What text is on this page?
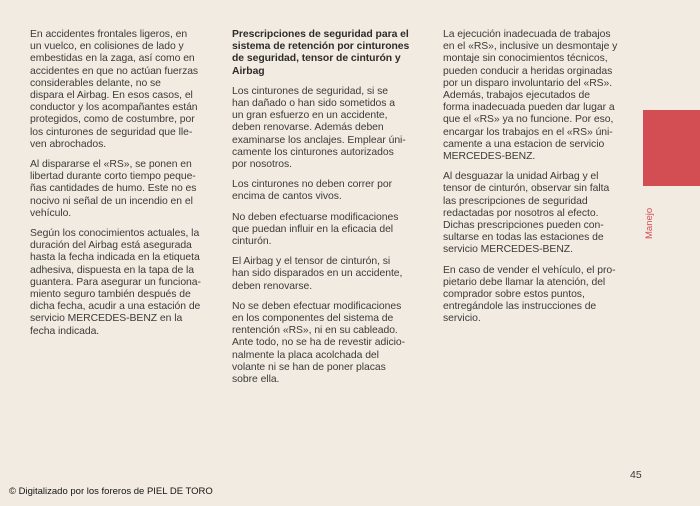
En accidentes frontales ligeros, en
un vuelco, en colisiones de lado y
embestidas en la zaga, así como en
accidentes en que no actúan fuerzas
considerables delante, no se
dispara el Airbag. En esos casos, el
conductor y los acompañantes están
protegidos, como de costumbre, por
los cinturones de seguridad que lle-
ven abrochados.

Al dispararse el «RS», se ponen en
libertad durante corto tiempo peque-
ñas cantidades de humo. Este no es
nocivo ni señal de un incendio en el
vehículo.

Según los conocimientos actuales, la
duración del Airbag está asegurada
hasta la fecha indicada en la etiqueta
adhesiva, dispuesta en la tapa de la
guantera. Para asegurar un funciona-
miento seguro también después de
dicha fecha, acudir a una estación de
servicio MERCEDES-BENZ en la
fecha indicada.

Prescripciones de seguridad para el
sistema de retención por cinturones
de seguridad, tensor de cinturón y
Airbag

Los cinturones de seguridad, si se
han dañado o han sido sometidos a
un gran esfuerzo en un accidente,
deben renovarse. Además deben
examinarse los anclajes. Emplear úni-
camente los cinturones autorizados
por nosotros.

Los cinturones no deben correr por
encima de cantos vivos.

No deben efectuarse modificaciones
que puedan influir en la eficacia del
cinturón.

El Airbag y el tensor de cinturón, si
han sido disparados en un accidente,
deben renovarse.

No se deben efectuar modificaciones
en los componentes del sistema de
rentención «RS», ni en su cableado.
Ante todo, no se ha de revestir adicio-
nalmente la placa acolchada del
volante ni se han de poner placas
sobre ella.

La ejecución inadecuada de trabajos
en el «RS», inclusive un desmontaje y
montaje sin conocimientos técnicos,
pueden conducir a heridas orginadas
por un disparo involuntario del «RS».
Además, trabajos ejecutados de
forma inadecuada pueden dar lugar a
que el «RS» ya no funcione. Por eso,
encargar los trabajos en el «RS» úni-
camente a una estacion de servicio
MERCEDES-BENZ.

Al desguazar la unidad Airbag y el
tensor de cinturón, observar sin falta
las prescripciones de seguridad
redactadas por nosotros al efecto.
Dichas prescripciones pueden con-
sultarse en todas las estaciones de
servicio MERCEDES-BENZ.

En caso de vender el vehículo, el pro-
pietario debe llamar la atención, del
comprador sobre estos puntos,
entregándole las instrucciones de
servicio.

Manejo
45
© Digitalizado por los foreros de PIEL DE TORO
